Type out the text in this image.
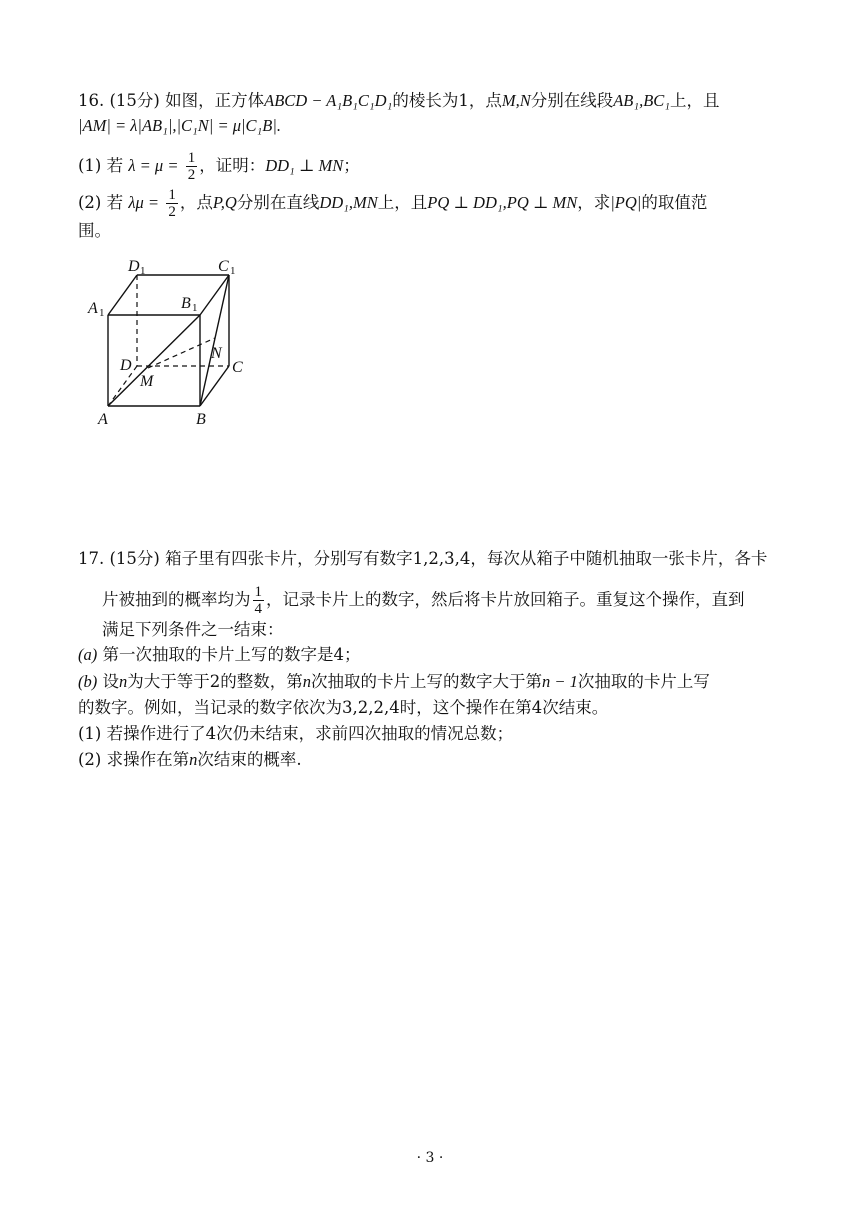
16. (15分) 如图，正方体ABCD − A₁B₁C₁D₁的棱长为1，点M,N分别在线段AB₁,BC₁上，且
|AM| = λ|AB₁|,|C₁N| = μ|C₁B|.
(1) 若 $\lambda = \mu = \frac{1}{2}$ ，证明：DD₁ ⊥ MN；
(2) 若 $\lambda\mu = \frac{1}{2}$ ，点P,Q分别在直线DD₁,MN上，且PQ ⊥ DD₁,PQ ⊥ MN，求|PQ|的取值范
围。
D 1	C 1
A 1
B 1
D	C
A	B
M
N
17. (15分) 箱子里有四张卡片，分别写有数字1,2,3,4，每次从箱子中随机抽取一张卡片，各卡
片被抽到的概率均为 $\frac{1}{4}$ ，记录卡片上的数字，然后将卡片放回箱子。重复这个操作，直到
满足下列条件之一结束：
(a) 第一次抽取的卡片上写的数字是4；
(b) 设n为大于等于2的整数，第n次抽取的卡片上写的数字大于第n − 1次抽取的卡片上写
的数字。例如，当记录的数字依次为3,2,2,4时，这个操作在第4次结束。
(1) 若操作进行了4次仍未结束，求前四次抽取的情况总数；
(2) 求操作在第n次结束的概率.
· 3 ·
